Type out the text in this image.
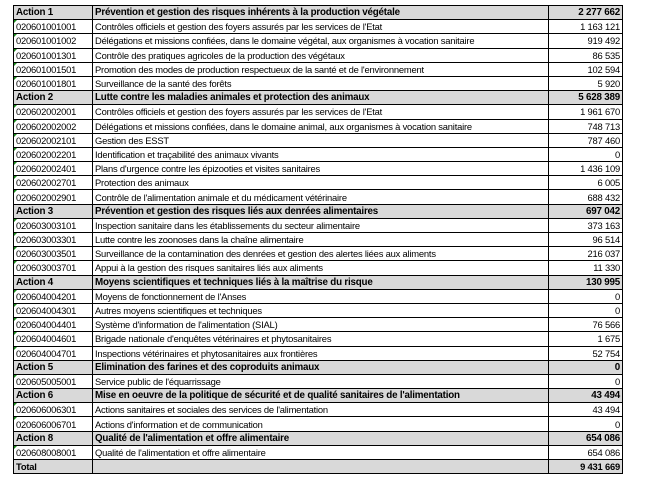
Action 1	Prévention et gestion des risques inhérents à la production végétale	2 277 662
020601001001	Contrôles officiels et gestion des foyers assurés par les services de l'Etat	1 163 121
020601001002	Délégations et missions confiées, dans le domaine végétal, aux organismes à vocation sanitaire	919 492
020601001301	Contrôle des pratiques agricoles de la production des végétaux	86 535
020601001501	Promotion des modes de production respectueux de la santé et de l'environnement	102 594
020601001801	Surveillance de la santé des forêts	5 920
Action 2	Lutte contre les maladies animales et protection des animaux	5 628 389
020602002001	Contrôles officiels et gestion des foyers assurés par les services de l'Etat	1 961 670
020602002002	Délégations et missions confiées, dans le domaine animal, aux organismes à vocation sanitaire	748 713
020602002101	Gestion des ESST	787 460
020602002201	Identification et traçabilité des animaux vivants	0
020602002401	Plans d'urgence contre les épizooties et visites sanitaires	1 436 109
020602002701	Protection des animaux	6 005
020602002901	Contrôle de l'alimentation animale et du médicament vétérinaire	688 432
Action 3	Prévention et gestion des risques liés aux denrées alimentaires	697 042
020603003101	Inspection sanitaire dans les établissements du secteur alimentaire	373 163
020603003301	Lutte contre les zoonoses dans la chaîne alimentaire	96 514
020603003501	Surveillance de la contamination des denrées et gestion des alertes liées aux aliments	216 037
020603003701	Appui à la gestion des risques sanitaires liés aux aliments	11 330
Action 4	Moyens scientifiques et techniques liés à la maîtrise du risque	130 995
020604004201	Moyens de fonctionnement de l'Anses	0
020604004301	Autres moyens scientifiques et techniques	0
020604004401	Système d'information de l'alimentation (SIAL)	76 566
020604004601	Brigade nationale d'enquêtes vétérinaires et phytosanitaires	1 675
020604004701	Inspections vétérinaires et phytosanitaires aux frontières	52 754
Action 5	Elimination des farines et des coproduits animaux	0
020605005001	Service public de l'équarrissage	0
Action 6	Mise en oeuvre de la politique de sécurité et de qualité sanitaires de l'alimentation	43 494
020606006301	Actions sanitaires et sociales des services de l'alimentation	43 494
020606006701	Actions d'information et de communication	0
Action 8	Qualité de l'alimentation et offre alimentaire	654 086
020608008001	Qualité de l'alimentation et offre alimentaire	654 086
Total		9 431 669
